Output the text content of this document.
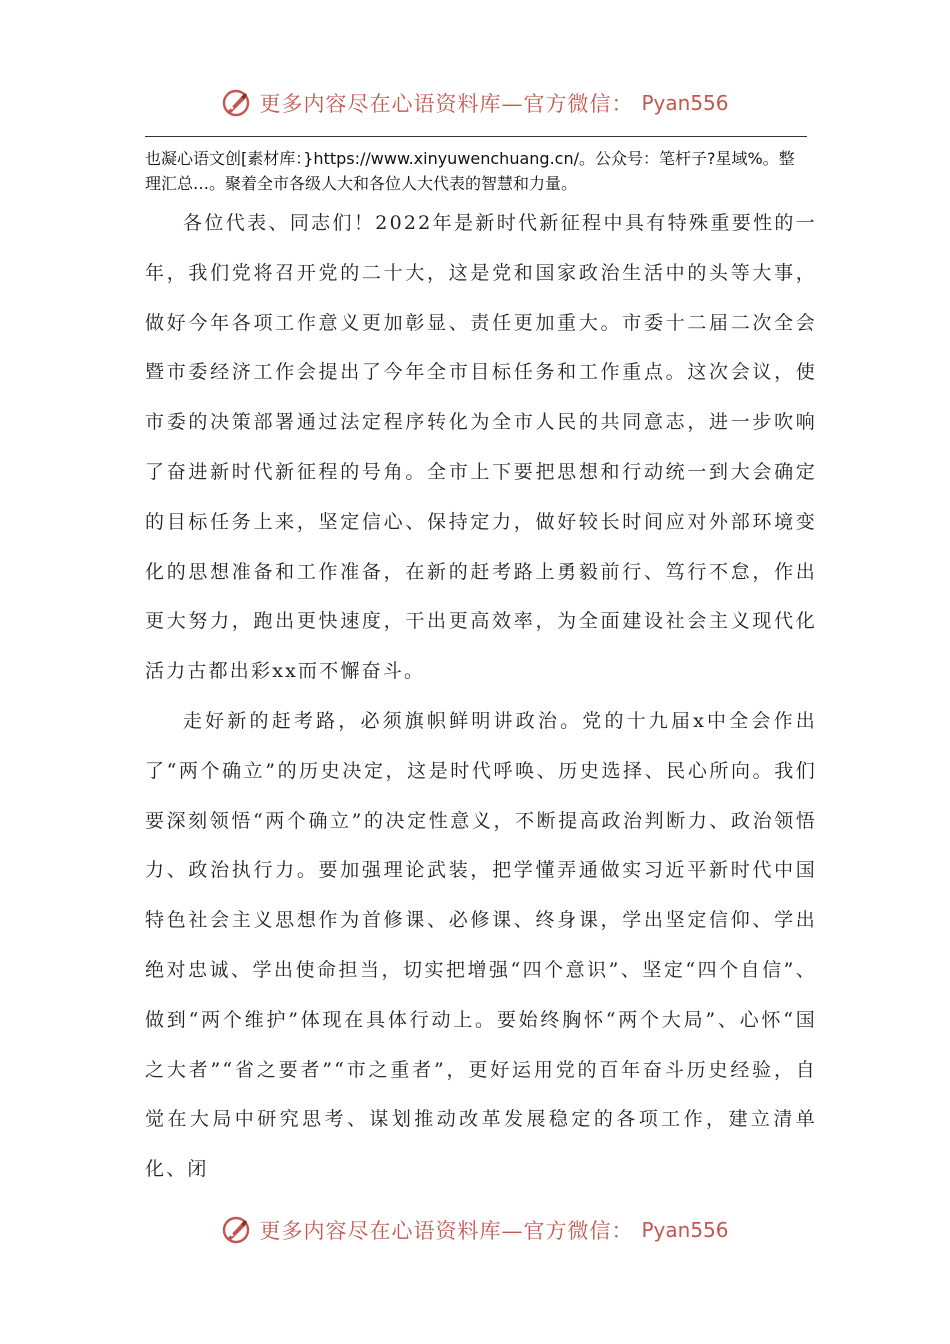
更多内容尽在心语资料库—官方微信： Pyan556
也凝心语文创[素材库：}https://www.xinyuwenchuang.cn/。公众号：笔杆子?星域%。整理汇总…。聚着全市各级人大和各位人大代表的智慧和力量。

各位代表、同志们！2022年是新时代新征程中具有特殊重要性的一年，我们党将召开党的二十大，这是党和国家政治生活中的头等大事，做好今年各项工作意义更加彰显、责任更加重大。市委十二届二次全会暨市委经济工作会提出了今年全市目标任务和工作重点。这次会议，使市委的决策部署通过法定程序转化为全市人民的共同意志，进一步吹响了奋进新时代新征程的号角。全市上下要把思想和行动统一到大会确定的目标任务上来，坚定信心、保持定力，做好较长时间应对外部环境变化的思想准备和工作准备，在新的赶考路上勇毅前行、笃行不怠，作出更大努力，跑出更快速度，干出更高效率，为全面建设社会主义现代化活力古都出彩xx而不懈奋斗。

走好新的赶考路，必须旗帜鲜明讲政治。党的十九届x中全会作出了“两个确立”的历史决定，这是时代呼唤、历史选择、民心所向。我们要深刻领悟“两个确立”的决定性意义，不断提高政治判断力、政治领悟力、政治执行力。要加强理论武装，把学懂弄通做实习近平新时代中国特色社会主义思想作为首修课、必修课、终身课，学出坚定信仰、学出绝对忠诚、学出使命担当，切实把增强“四个意识”、坚定“四个自信”、做到“两个维护”体现在具体行动上。要始终胸怀“两个大局”、心怀“国之大者”“省之要者”“市之重者”，更好运用党的百年奋斗历史经验，自觉在大局中研究思考、谋划推动改革发展稳定的各项工作，建立清单化、闭

更多内容尽在心语资料库—官方微信： Pyan556
